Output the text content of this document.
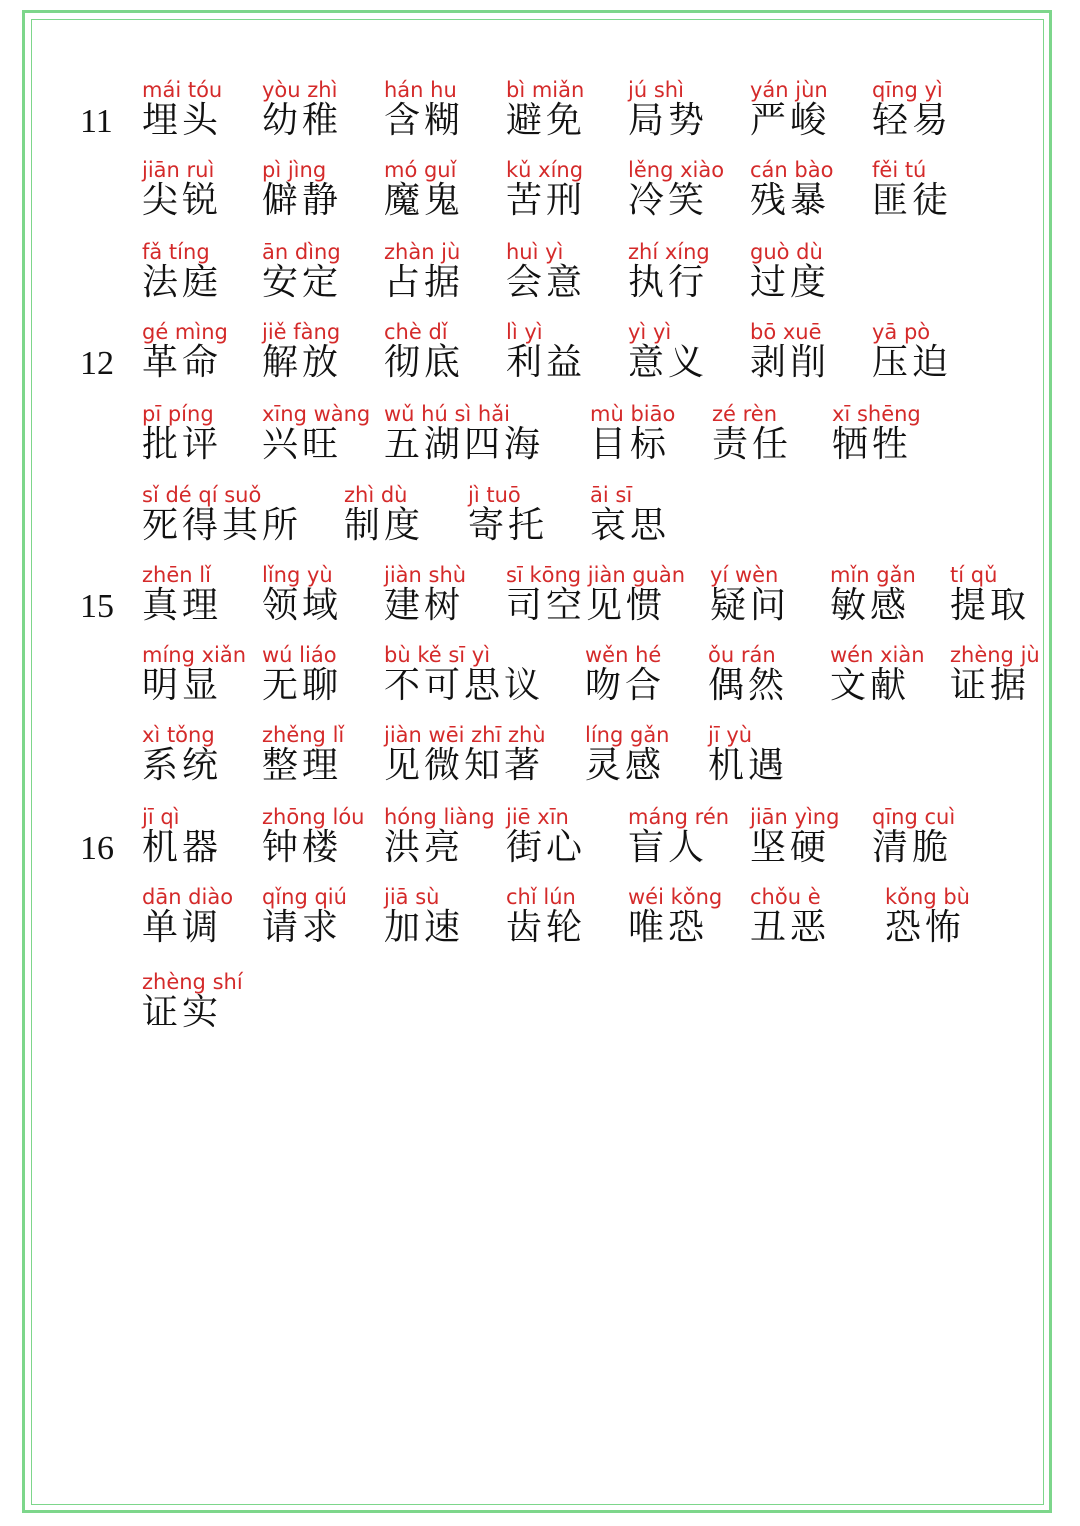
11
mái tóu
埋头
yòu zhì
幼稚
hán hu
含糊
bì miǎn
避免
jú shì
局势
yán jùn
严峻
qīng yì
轻易
jiān ruì
尖锐
pì jìng
僻静
mó guǐ
魔鬼
kǔ xíng
苦刑
lěng xiào
冷笑
cán bào
残暴
fěi tú
匪徒
fǎ tíng
法庭
ān dìng
安定
zhàn jù
占据
huì yì
会意
zhí xíng
执行
guò dù
过度
12
gé mìng
革命
jiě fàng
解放
chè dǐ
彻底
lì yì
利益
yì yì
意义
bō xuē
剥削
yā pò
压迫
pī píng
批评
xīng wàng
兴旺
wǔ hú sì hǎi
五湖四海
mù biāo
目标
zé rèn
责任
xī shēng
牺牲
sǐ dé qí suǒ
死得其所
zhì dù
制度
jì tuō
寄托
āi sī
哀思
15
zhēn lǐ
真理
lǐng yù
领域
jiàn shù
建树
sī kōng jiàn guàn
司空见惯
yí wèn
疑问
mǐn gǎn
敏感
tí qǔ
提取
míng xiǎn
明显
wú liáo
无聊
bù kě sī yì
不可思议
wěn hé
吻合
ǒu rán
偶然
wén xiàn
文献
zhèng jù
证据
xì tǒng
系统
zhěng lǐ
整理
jiàn wēi zhī zhù
见微知著
líng gǎn
灵感
jī yù
机遇
16
jī qì
机器
zhōng lóu
钟楼
hóng liàng
洪亮
jiē xīn
街心
máng rén
盲人
jiān yìng
坚硬
qīng cuì
清脆
dān diào
单调
qǐng qiú
请求
jiā sù
加速
chǐ lún
齿轮
wéi kǒng
唯恐
chǒu è
丑恶
kǒng bù
恐怖
zhèng shí
证实
